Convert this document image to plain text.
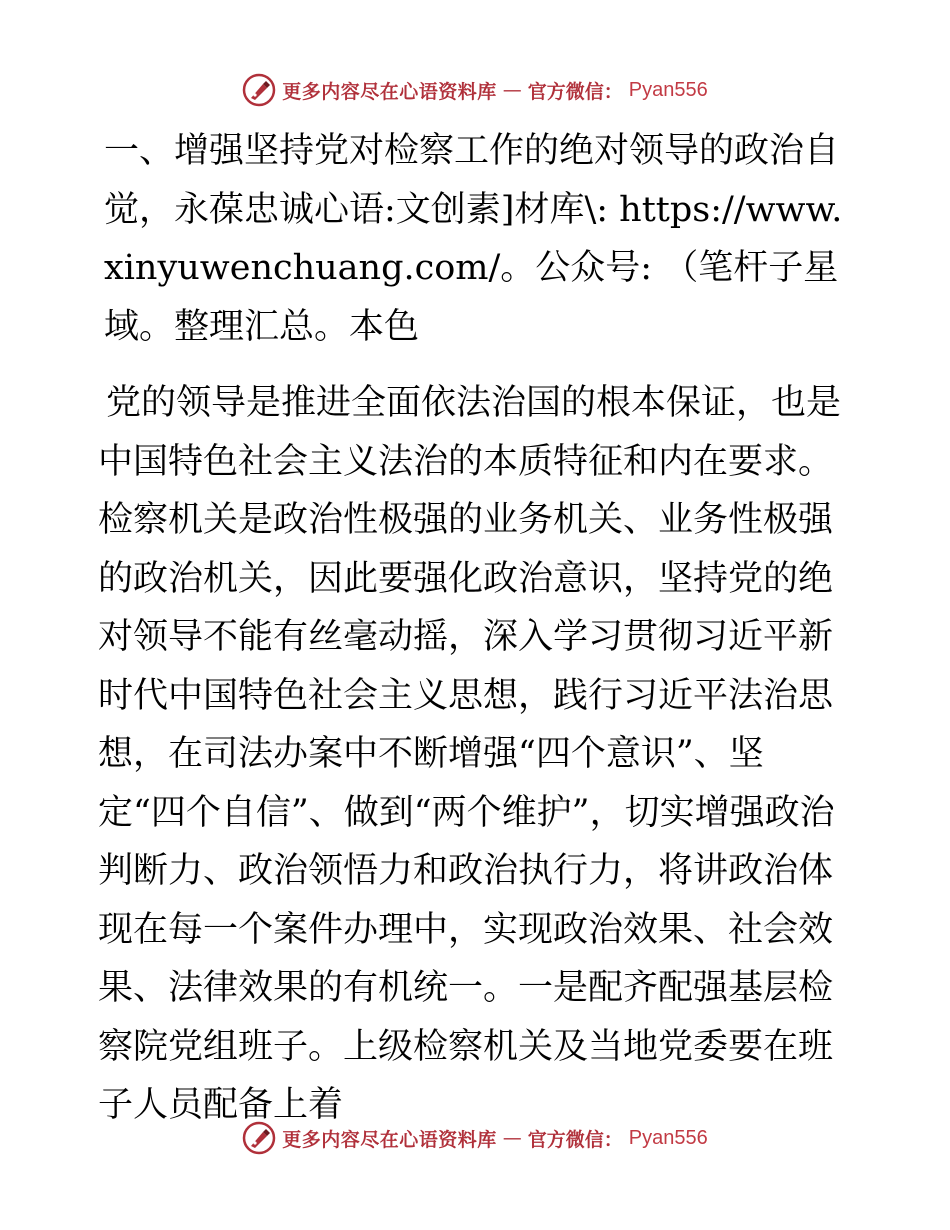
更多内容尽在心语资料库 — 官方微信： Pyan556

一、增强坚持党对检察工作的绝对领导的政治自觉，永葆忠诚心语:文创素]材库\: https://www.xinyuwenchuang.com/。公众号: （笔杆子星域。整理汇总。本色

党的领导是推进全面依法治国的根本保证，也是中国特色社会主义法治的本质特征和内在要求。检察机关是政治性极强的业务机关、业务性极强的政治机关，因此要强化政治意识，坚持党的绝对领导不能有丝毫动摇，深入学习贯彻习近平新时代中国特色社会主义思想，践行习近平法治思想，在司法办案中不断增强“四个意识”、坚定“四个自信”、做到“两个维护”，切实增强政治判断力、政治领悟力和政治执行力，将讲政治体现在每一个案件办理中，实现政治效果、社会效果、法律效果的有机统一。一是配齐配强基层检察院党组班子。上级检察机关及当地党委要在班子人员配备上着

更多内容尽在心语资料库 — 官方微信： Pyan556
